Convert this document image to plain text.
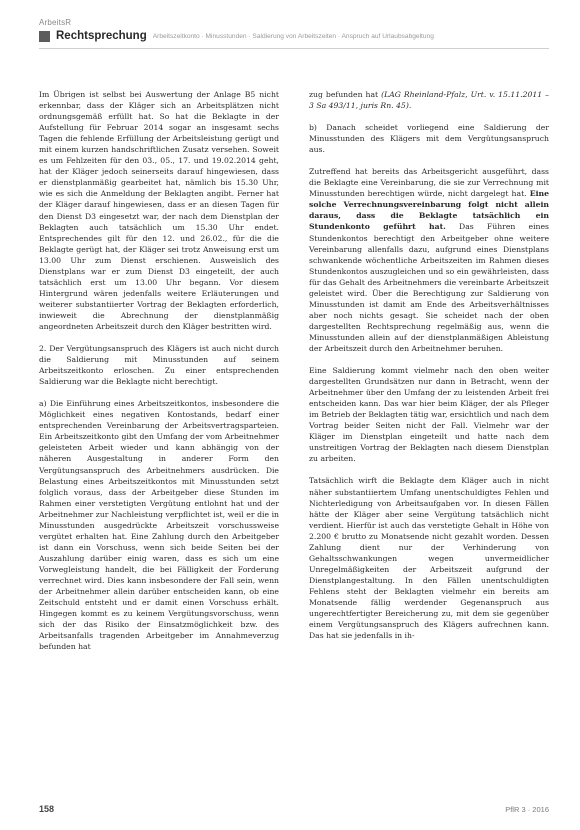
ArbeitsR
Rechtsprechung Arbeitszeitkonto · Minusstunden · Saldierung von Arbeitszeiten · Anspruch auf Urlaubsabgeltung

Im Übrigen ist selbst bei Auswertung der Anlage B5 nicht erkennbar, dass der Kläger sich an Arbeitsplätzen nicht ordnungsgemäß erfüllt hat. So hat die Beklagte in der Aufstellung für Februar 2014 sogar an insgesamt sechs Tagen die fehlende Erfüllung der Arbeitsleistung gerügt und mit einem kurzen handschriftlichen Zusatz versehen. Soweit es um Fehlzeiten für den 03., 05., 17. und 19.02.2014 geht, hat der Kläger jedoch seinerseits darauf hingewiesen, dass er dienstplanmäßig gearbeitet hat, nämlich bis 15.30 Uhr, wie es sich die Anmeldung der Beklagten angibt. Ferner hat der Kläger darauf hingewiesen, dass er an diesen Tagen für den Dienst D3 eingesetzt war, der nach dem Dienstplan der Beklagten auch tatsächlich um 15.30 Uhr endet. Entsprechendes gilt für den 12. und 26.02., für die die Beklagte gerügt hat, der Kläger sei trotz Anweisung erst um 13.00 Uhr zum Dienst erschienen. Ausweislich des Dienstplans war er zum Dienst D3 eingeteilt, der auch tatsächlich erst um 13.00 Uhr begann. Vor diesem Hintergrund wären jedenfalls weitere Erläuterungen und weiterer substantiierter Vortrag der Beklagten erforderlich, inwieweit die Abrechnung der dienstplanmäßig angeordneten Arbeitszeit durch den Kläger bestritten wird.

2. Der Vergütungsanspruch des Klägers ist auch nicht durch die Saldierung mit Minusstunden auf seinem Arbeitszeitkonto erloschen. Zu einer entsprechenden Saldierung war die Beklagte nicht berechtigt.

a) Die Einführung eines Arbeitszeitkontos, insbesondere die Möglichkeit eines negativen Kontostands, bedarf einer entsprechenden Vereinbarung der Arbeitsvertragsparteien. Ein Arbeitszeitkonto gibt den Umfang der vom Arbeitnehmer geleisteten Arbeit wieder und kann abhängig von der näheren Ausgestaltung in anderer Form den Vergütungsanspruch des Arbeitnehmers ausdrücken. Die Belastung eines Arbeitszeitkontos mit Minusstunden setzt folglich voraus, dass der Arbeitgeber diese Stunden im Rahmen einer verstetigten Vergütung entlohnt hat und der Arbeitnehmer zur Nachleistung verpflichtet ist, weil er die in Minusstunden ausgedrückte Arbeitszeit vorschussweise vergütet erhalten hat. Eine Zahlung durch den Arbeitgeber ist dann ein Vorschuss, wenn sich beide Seiten bei der Auszahlung darüber einig waren, dass es sich um eine Vorwegleistung handelt, die bei Fälligkeit der Forderung verrechnet wird. Dies kann insbesondere der Fall sein, wenn der Arbeitnehmer allein darüber entscheiden kann, ob eine Zeitschuld entsteht und er damit einen Vorschuss erhält. Hingegen kommt es zu keinem Vergütungsvorschuss, wenn sich der das Risiko der Einsatzmöglichkeit bzw. des Arbeitsanfalls tragenden Arbeitgeber im Annahmeverzug befunden hat

zug befunden hat (LAG Rheinland-Pfalz, Urt. v. 15.11.2011 – 3 Sa 493/11, juris Rn. 45).

b) Danach scheidet vorliegend eine Saldierung der Minusstunden des Klägers mit dem Vergütungsanspruch aus.

Zutreffend hat bereits das Arbeitsgericht ausgeführt, dass die Beklagte eine Vereinbarung, die sie zur Verrechnung mit Minusstunden berechtigen würde, nicht dargelegt hat. Eine solche Verrechnungsvereinbarung folgt nicht allein daraus, dass die Beklagte tatsächlich ein Stundenkonto geführt hat. Das Führen eines Stundenkontos berechtigt den Arbeitgeber ohne weitere Vereinbarung allenfalls dazu, aufgrund eines Dienstplans schwankende wöchentliche Arbeitszeiten im Rahmen dieses Stundenkontos auszugleichen und so ein gewährleisten, dass für das Gehalt des Arbeitnehmers die vereinbarte Arbeitszeit geleistet wird. Über die Berechtigung zur Saldierung von Minusstunden ist damit am Ende des Arbeitsverhältnisses aber noch nichts gesagt. Sie scheidet nach der oben dargestellten Rechtsprechung regelmäßig aus, wenn die Minusstunden allein auf der dienstplanmäßigen Ableistung der Arbeitszeit durch den Arbeitnehmer beruhen.

Eine Saldierung kommt vielmehr nach den oben weiter dargestellten Grundsätzen nur dann in Betracht, wenn der Arbeitnehmer über den Umfang der zu leistenden Arbeit frei entscheiden kann. Das war hier beim Kläger, der als Pfleger im Betrieb der Beklagten tätig war, ersichtlich und nach dem Vortrag beider Seiten nicht der Fall. Vielmehr war der Kläger im Dienstplan eingeteilt und hatte nach dem unstreitigen Vortrag der Beklagten nach diesem Dienstplan zu arbeiten.

Tatsächlich wirft die Beklagte dem Kläger auch in nicht näher substantiiertem Umfang unentschuldigtes Fehlen und Nichterledigung von Arbeitsaufgaben vor. In diesen Fällen hätte der Kläger aber seine Vergütung tatsächlich nicht verdient. Hierfür ist auch das verstetigte Gehalt in Höhe von 2.200 € brutto zu Monatsende nicht gezahlt worden. Dessen Zahlung dient nur der Verhinderung von Gehaltsschwankungen wegen unvermeidlicher Unregelmäßigkeiten der Arbeitszeit aufgrund der Dienstplangestaltung. In den Fällen unentschuldigten Fehlens steht der Beklagten vielmehr ein bereits am Monatsende fällig werdender Gegenanspruch aus ungerechtfertigter Bereicherung zu, mit dem sie gegenüber einem Vergütungsanspruch des Klägers aufrechnen kann. Das hat sie jedenfalls in ih-

158	PflR 3 · 2016
